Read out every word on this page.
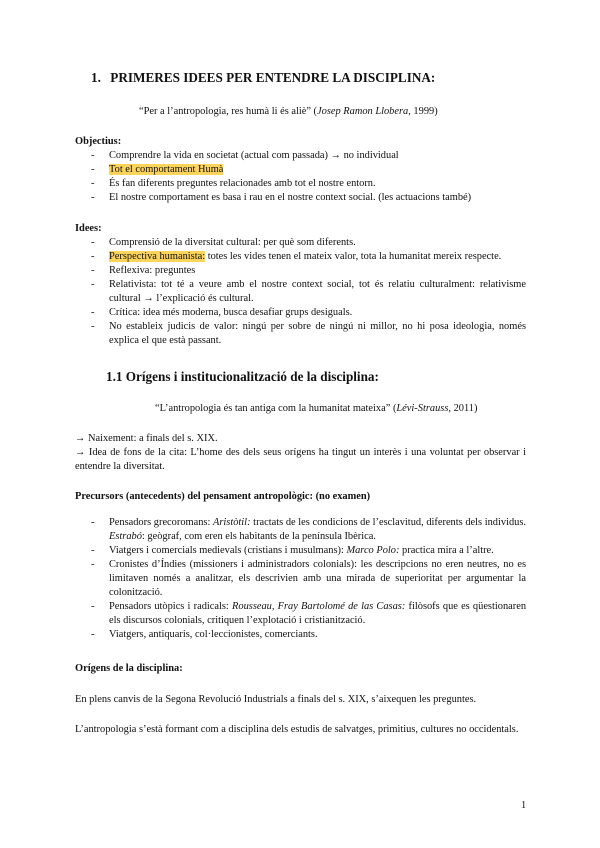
1. PRIMERES IDEES PER ENTENDRE LA DISCIPLINA:
“Per a l’antropologia, res humà li és aliè” (Josep Ramon Llobera, 1999)
Objectius:
- Comprendre la vida en societat (actual com passada) → no individual
- Tot el comportament Humà
- És fan diferents preguntes relacionades amb tot el nostre entorn.
- El nostre comportament es basa i rau en el nostre context social. (les actuacions també)
Idees:
- Comprensió de la diversitat cultural: per què som diferents.
- Perspectiva humanista: totes les vides tenen el mateix valor, tota la humanitat mereix respecte.
- Reflexiva: preguntes
- Relativista: tot té a veure amb el nostre context social, tot és relatiu culturalment: relativisme cultural → l’explicació és cultural.
- Crítica: idea més moderna, busca desafiar grups desiguals.
- No estableix judicis de valor: ningú per sobre de ningú ni millor, no hi posa ideologia, només explica el que està passant.
1.1 Orígens i institucionalització de la disciplina:
“L’antropologia és tan antiga com la humanitat mateixa” (Lévi-Strauss, 2011)
→ Naixement: a finals del s. XIX.
→ Idea de fons de la cita: L’home des dels seus orígens ha tingut un interès i una voluntat per observar i entendre la diversitat.
Precursors (antecedents) del pensament antropològic: (no examen)
- Pensadors grecoromans: Aristòtil: tractats de les condicions de l’esclavitud, diferents dels individus. Estrabó: geògraf, com eren els habitants de la península Ibèrica.
- Viatgers i comercials medievals (cristians i musulmans): Marco Polo: practica mira a l’altre.
- Cronistes d’Índies (missioners i administradors colonials): les descripcions no eren neutres, no es limitaven només a analitzar, els descrivien amb una mirada de superioritat per argumentar la colonització.
- Pensadors utòpics i radicals: Rousseau, Fray Bartolomé de las Casas: filòsofs que es qüestionaren els discursos colonials, critiquen l’explotació i cristianització.
- Viatgers, antiquaris, col·leccionistes, comerciants.
Orígens de la disciplina:

En plens canvis de la Segona Revolució Industrials a finals del s. XIX, s’aixequen les preguntes.

L’antropologia s’està formant com a disciplina dels estudis de salvatges, primitius, cultures no occidentals.

1
